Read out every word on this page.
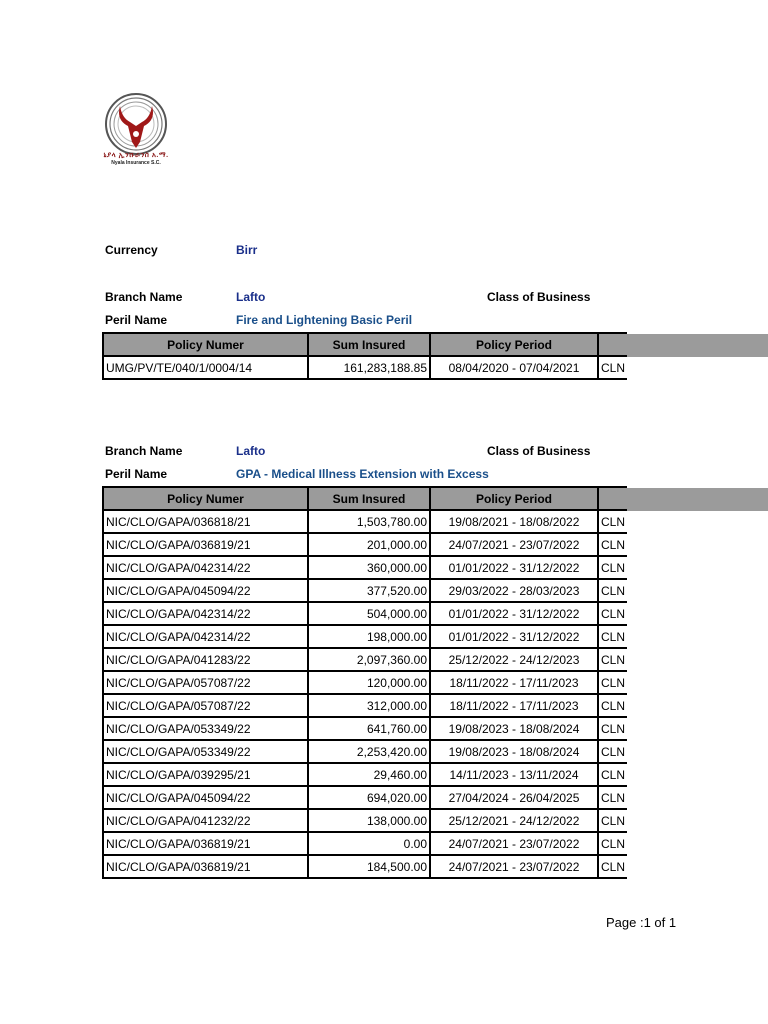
ኒያላ ኢንሹራንስ አ.ማ.
Nyala Insurance S.C.
Currency	Birr
Branch Name	Lafto	Class of Business
Peril Name	Fire and Lightening Basic Peril
Policy Numer	Sum Insured	Policy Period	
UMG/PV/TE/040/1/0004/14	161,283,188.85	08/04/2020 - 07/04/2021	CLN
Branch Name	Lafto	Class of Business
Peril Name	GPA - Medical Illness Extension with Excess
Policy Numer	Sum Insured	Policy Period	
NIC/CLO/GAPA/036818/21	1,503,780.00	19/08/2021 - 18/08/2022	CLN
NIC/CLO/GAPA/036819/21	201,000.00	24/07/2021 - 23/07/2022	CLN
NIC/CLO/GAPA/042314/22	360,000.00	01/01/2022 - 31/12/2022	CLN
NIC/CLO/GAPA/045094/22	377,520.00	29/03/2022 - 28/03/2023	CLN
NIC/CLO/GAPA/042314/22	504,000.00	01/01/2022 - 31/12/2022	CLN
NIC/CLO/GAPA/042314/22	198,000.00	01/01/2022 - 31/12/2022	CLN
NIC/CLO/GAPA/041283/22	2,097,360.00	25/12/2022 - 24/12/2023	CLN
NIC/CLO/GAPA/057087/22	120,000.00	18/11/2022 - 17/11/2023	CLN
NIC/CLO/GAPA/057087/22	312,000.00	18/11/2022 - 17/11/2023	CLN
NIC/CLO/GAPA/053349/22	641,760.00	19/08/2023 - 18/08/2024	CLN
NIC/CLO/GAPA/053349/22	2,253,420.00	19/08/2023 - 18/08/2024	CLN
NIC/CLO/GAPA/039295/21	29,460.00	14/11/2023 - 13/11/2024	CLN
NIC/CLO/GAPA/045094/22	694,020.00	27/04/2024 - 26/04/2025	CLN
NIC/CLO/GAPA/041232/22	138,000.00	25/12/2021 - 24/12/2022	CLN
NIC/CLO/GAPA/036819/21	0.00	24/07/2021 - 23/07/2022	CLN
NIC/CLO/GAPA/036819/21	184,500.00	24/07/2021 - 23/07/2022	CLN
Page :1 of 1
